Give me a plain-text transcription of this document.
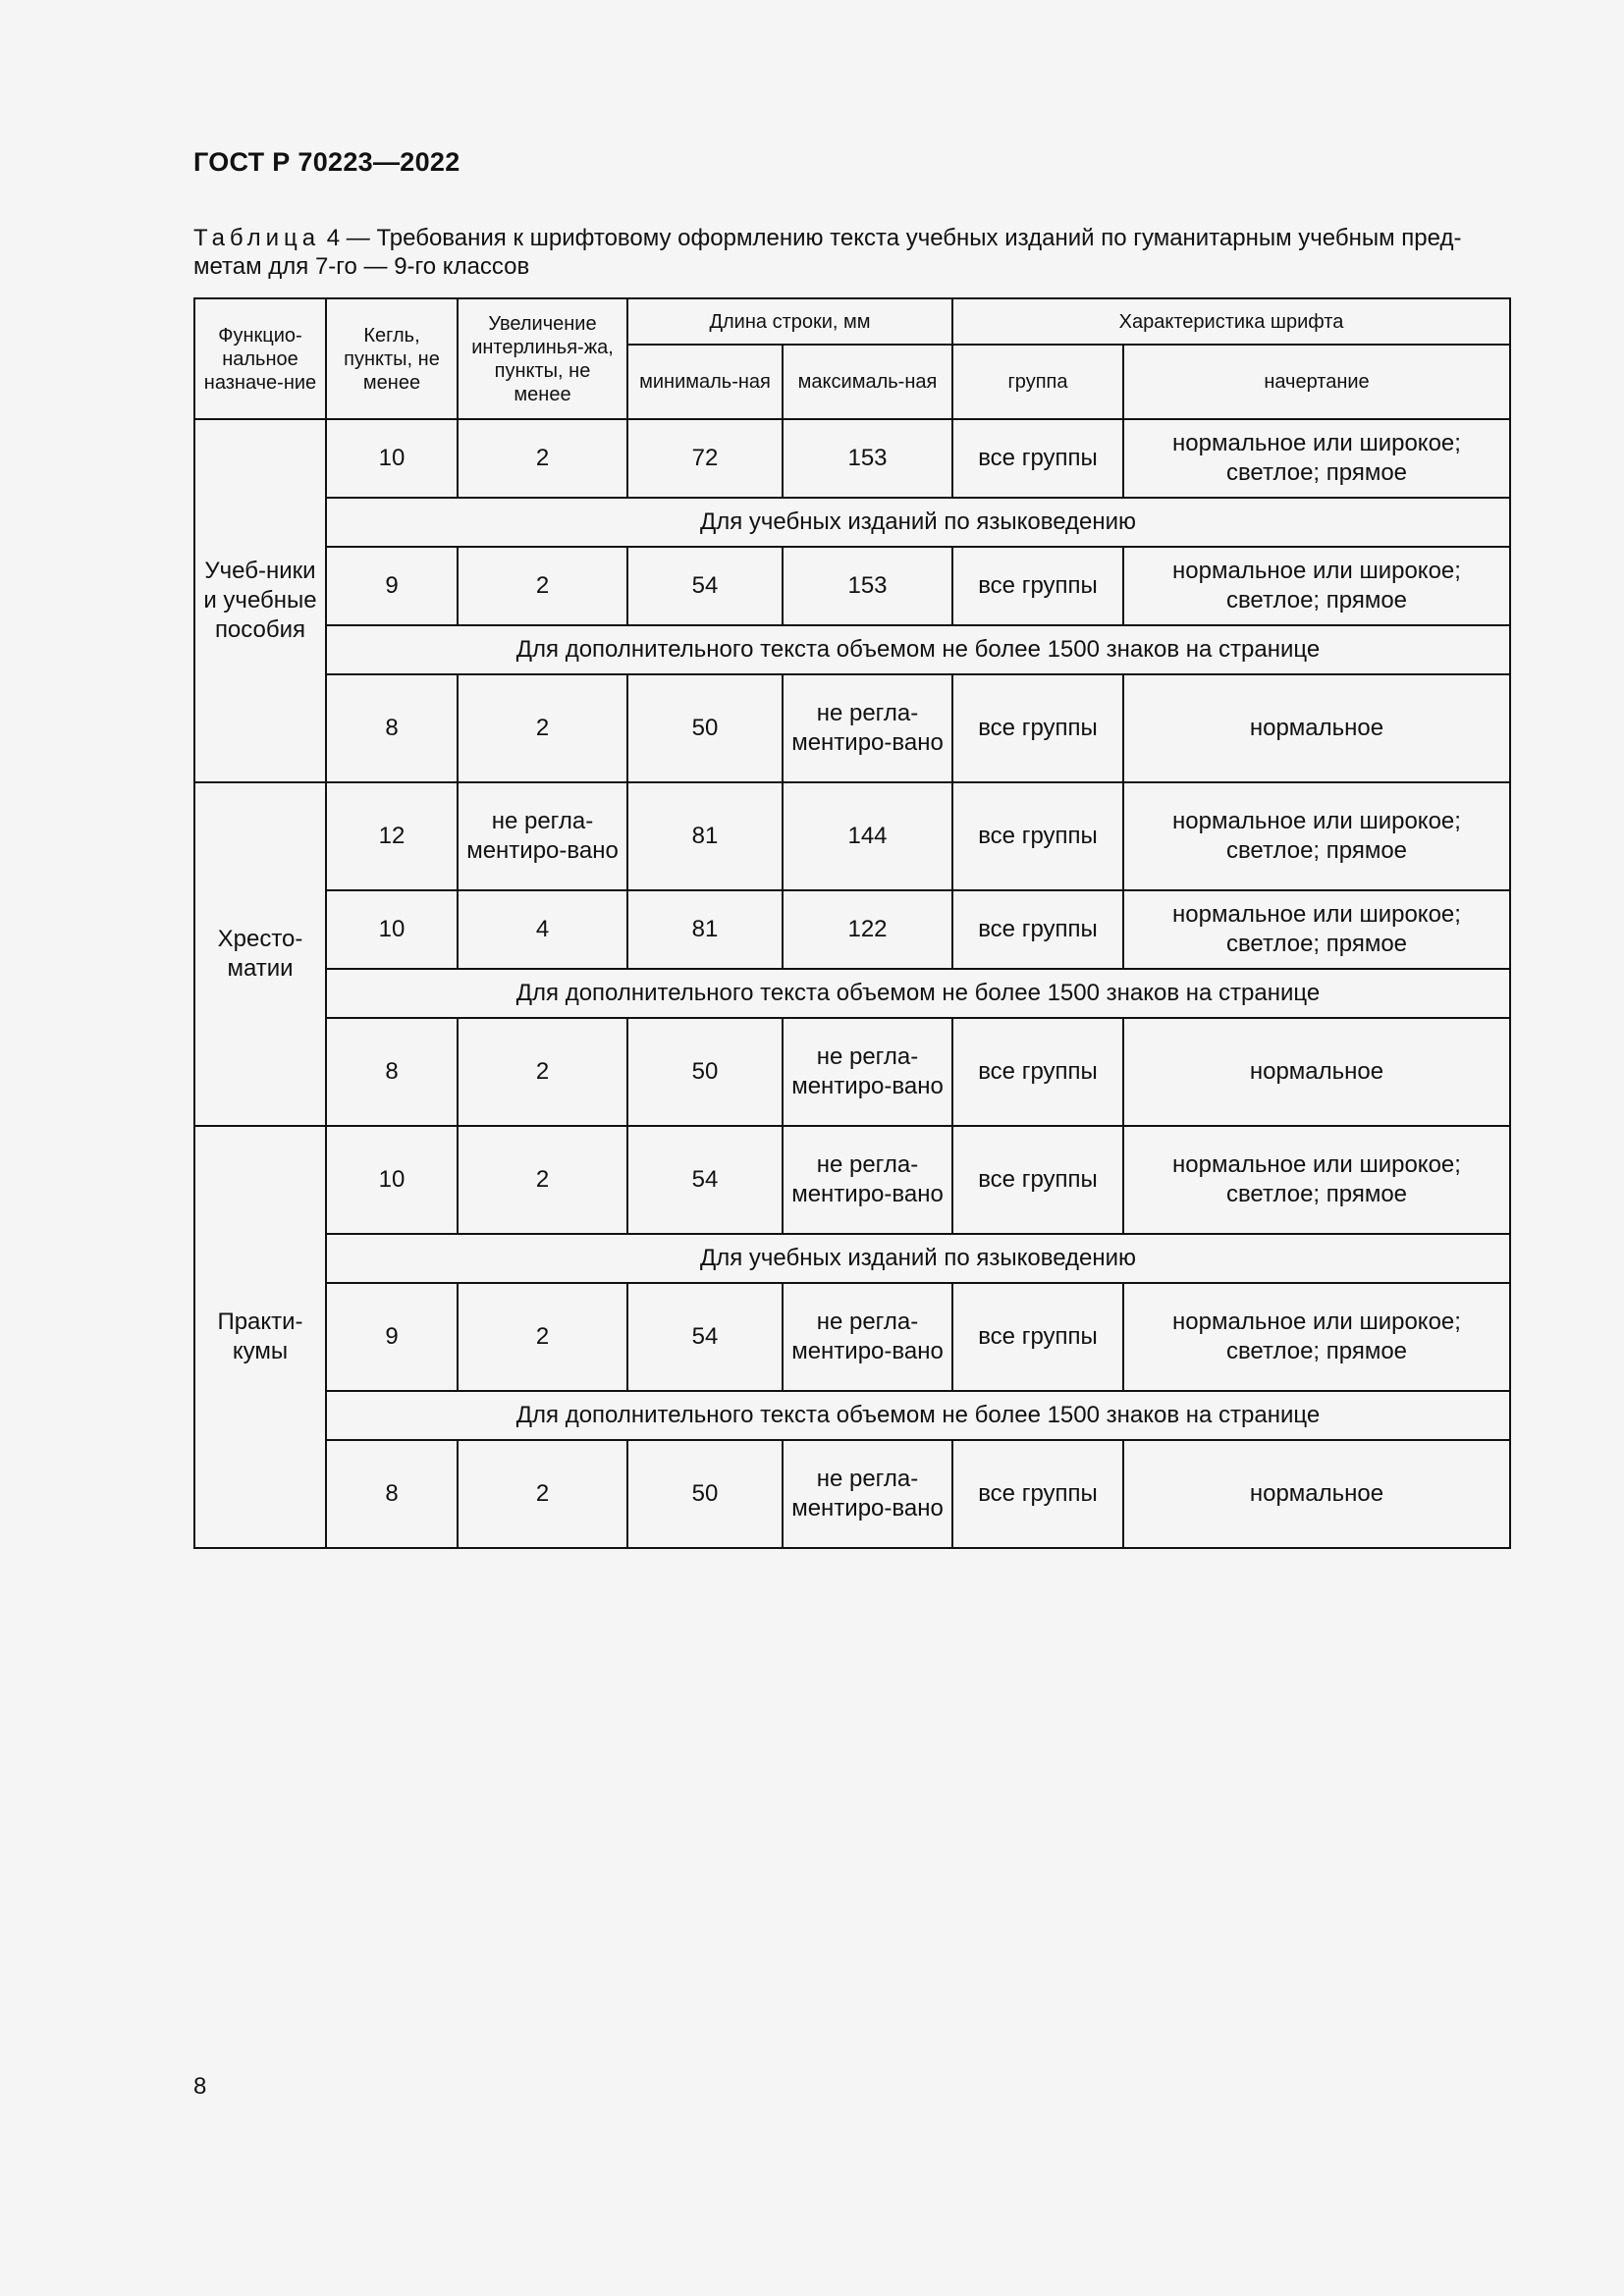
ГОСТ Р 70223—2022
Таблица 4 — Требования к шрифтовому оформлению текста учебных изданий по гуманитарным учебным пред-
метам для 7-го — 9-го классов
Функцио-нальное назначе-ние	Кегль, пункты, не менее	Увеличение интерлинья-жа, пункты, не менее	Длина строки, мм		Характеристика шрифта	
			минималь-ная	максималь-ная	группа	начертание
Учеб-ники и учебные пособия	10	2	72	153	все группы	нормальное или широкое; светлое; прямое
	Для учебных изданий по языковедению					
	9	2	54	153	все группы	нормальное или широкое; светлое; прямое
	Для дополнительного текста объемом не более 1500 знаков на странице					
	8	2	50	не регла-ментиро-вано	все группы	нормальное
Хресто-матии	12	не регла-ментиро-вано	81	144	все группы	нормальное или широкое; светлое; прямое
	10	4	81	122	все группы	нормальное или широкое; светлое; прямое
	Для дополнительного текста объемом не более 1500 знаков на странице					
	8	2	50	не регла-ментиро-вано	все группы	нормальное
Практи-кумы	10	2	54	не регла-ментиро-вано	все группы	нормальное или широкое; светлое; прямое
	Для учебных изданий по языковедению					
	9	2	54	не регла-ментиро-вано	все группы	нормальное или широкое; светлое; прямое
	Для дополнительного текста объемом не более 1500 знаков на странице					
	8	2	50	не регла-ментиро-вано	все группы	нормальное
8
